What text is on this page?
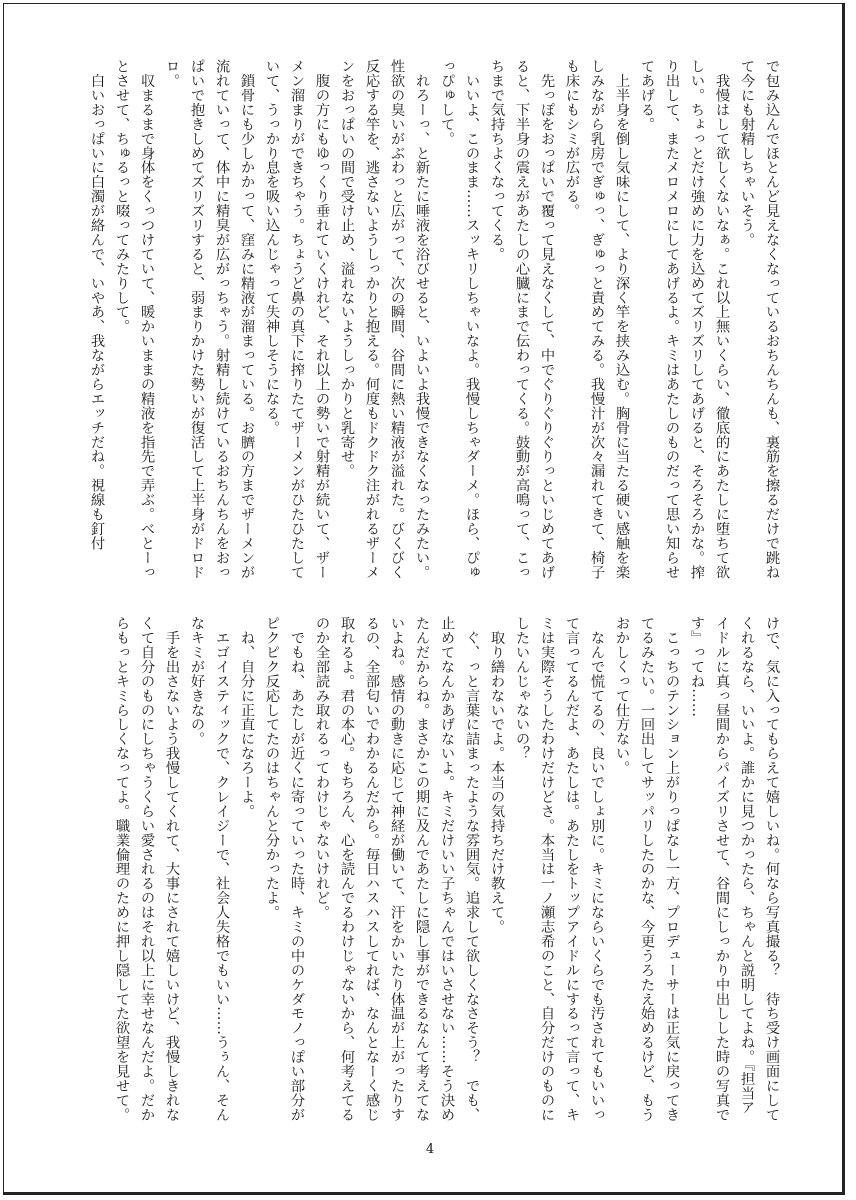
で包み込んでほとんど見えなくなっているおちんちんも、裏筋を擦るだけで跳ねて今にも射精しちゃいそう。

　我慢はして欲しくないなぁ。これ以上無いくらい、徹底的にあたしに堕ちて欲しい。ちょっとだけ強めに力を込めてズリズリしてあげると、そろそろかな。搾り出して、またメロメロにしてあげるよ。キミはあたしのものだって思い知らせてあげる。

　上半身を倒し気味にして、より深く竿を挟み込む。胸骨に当たる硬い感触を楽しみながら乳房でぎゅっ、ぎゅっと責めてみる。我慢汁が次々漏れてきて、椅子も床にもシミが広がる。

　先っぽをおっぱいで覆って見えなくして、中でぐりぐりぐりっといじめてあげると、下半身の震えがあたしの心臓にまで伝わってくる。鼓動が高鳴って、こっちまで気持ちよくなってくる。

　いいよ、このまま……スッキリしちゃいなよ。我慢しちゃダーメ。ほら、ぴゅっぴゅして。

　れろーっ、と新たに唾液を浴びせると、いよいよ我慢できなくなったみたい。性欲の臭いがぶわっと広がって、次の瞬間、谷間に熱い精液が溢れた。びくびく反応する竿を、逃さないようしっかりと抱える。何度もドクドク注がれるザーメンをおっぱいの間で受け止め、溢れないようしっかりと乳寄せ。

　腹の方にもゆっくり垂れていくけれど、それ以上の勢いで射精が続いて、ザーメン溜まりができちゃう。ちょうど鼻の真下に搾りたてザーメンがひたひたしていて、うっかり息を吸い込んじゃって失神しそうになる。

　鎖骨にも少しかかって、窪みに精液が溜まっている。お臍の方までザーメンが流れていって、体中に精臭が広がっちゃう。射精し続けているおちんちんをおっぱいで抱きしめてズリズリすると、弱まりかけた勢いが復活して上半身がドロドロ。

　収まるまで身体をくっつけていて、暖かいままの精液を指先で弄ぶ。べとーっとさせて、ちゅるっと啜ってみたりして。

　白いおっぱいに白濁が絡んで、いやあ、我ながらエッチだね。視線も釘付

けで、気に入ってもらえて嬉しいね。何なら写真撮る？　待ち受け画面にしてくれるなら、いいよ。誰かに見つかったら、ちゃんと説明してよね。『担当アイドルに真っ昼間からパイズリさせて、谷間にしっかり中出しした時の写真です』ってね……

　こっちのテンション上がりっぱなし一方、プロデューサーは正気に戻ってきてるみたい。一回出してサッパリしたのかな、今更うろたえ始めるけど、もうおかしくって仕方ない。

　なんで慌てるの、良いでしょ別に。キミにならいくらでも汚されてもいいって言ってるんだよ、あたしは。あたしをトップアイドルにするって言って、キミは実際そうしたわけだけどさ。本当は一ノ瀬志希のこと、自分だけのものにしたいんじゃないの？

　取り繕わないでよ。本当の気持ちだけ教えて。

　ぐ、っと言葉に詰まったような雰囲気。追求して欲しくなさそう？　でも、止めてなんかあげないよ。キミだけいい子ちゃんではいさせない……そう決めたんだからね。まさかこの期に及んであたしに隠し事ができるなんて考えてないよね。感情の動きに応じて神経が働いて、汗をかいたり体温が上がったりするの、全部匂いでわかるんだから。毎日ハスハスしてれば、なんとなーく感じ取れるよ。君の本心。もちろん、心を読んでるわけじゃないから、何考えてるのか全部読み取れるってわけじゃないけれど。

　でもね、あたしが近くに寄っていった時、キミの中のケダモノっぽい部分がピクピク反応してたのはちゃんと分かったよ。

　ね、自分に正直になろーよ。

　エゴイスティックで、クレイジーで、社会人失格でもいい……うぅん、そんなキミが好きなの。

　手を出さないよう我慢してくれて、大事にされて嬉しいけど、我慢しきれなくて自分のものにしちゃうくらい愛されるのはそれ以上に幸せなんだよ。だからもっとキミらしくなってよ。職業倫理のために押し隠してた欲望を見せて。

4
